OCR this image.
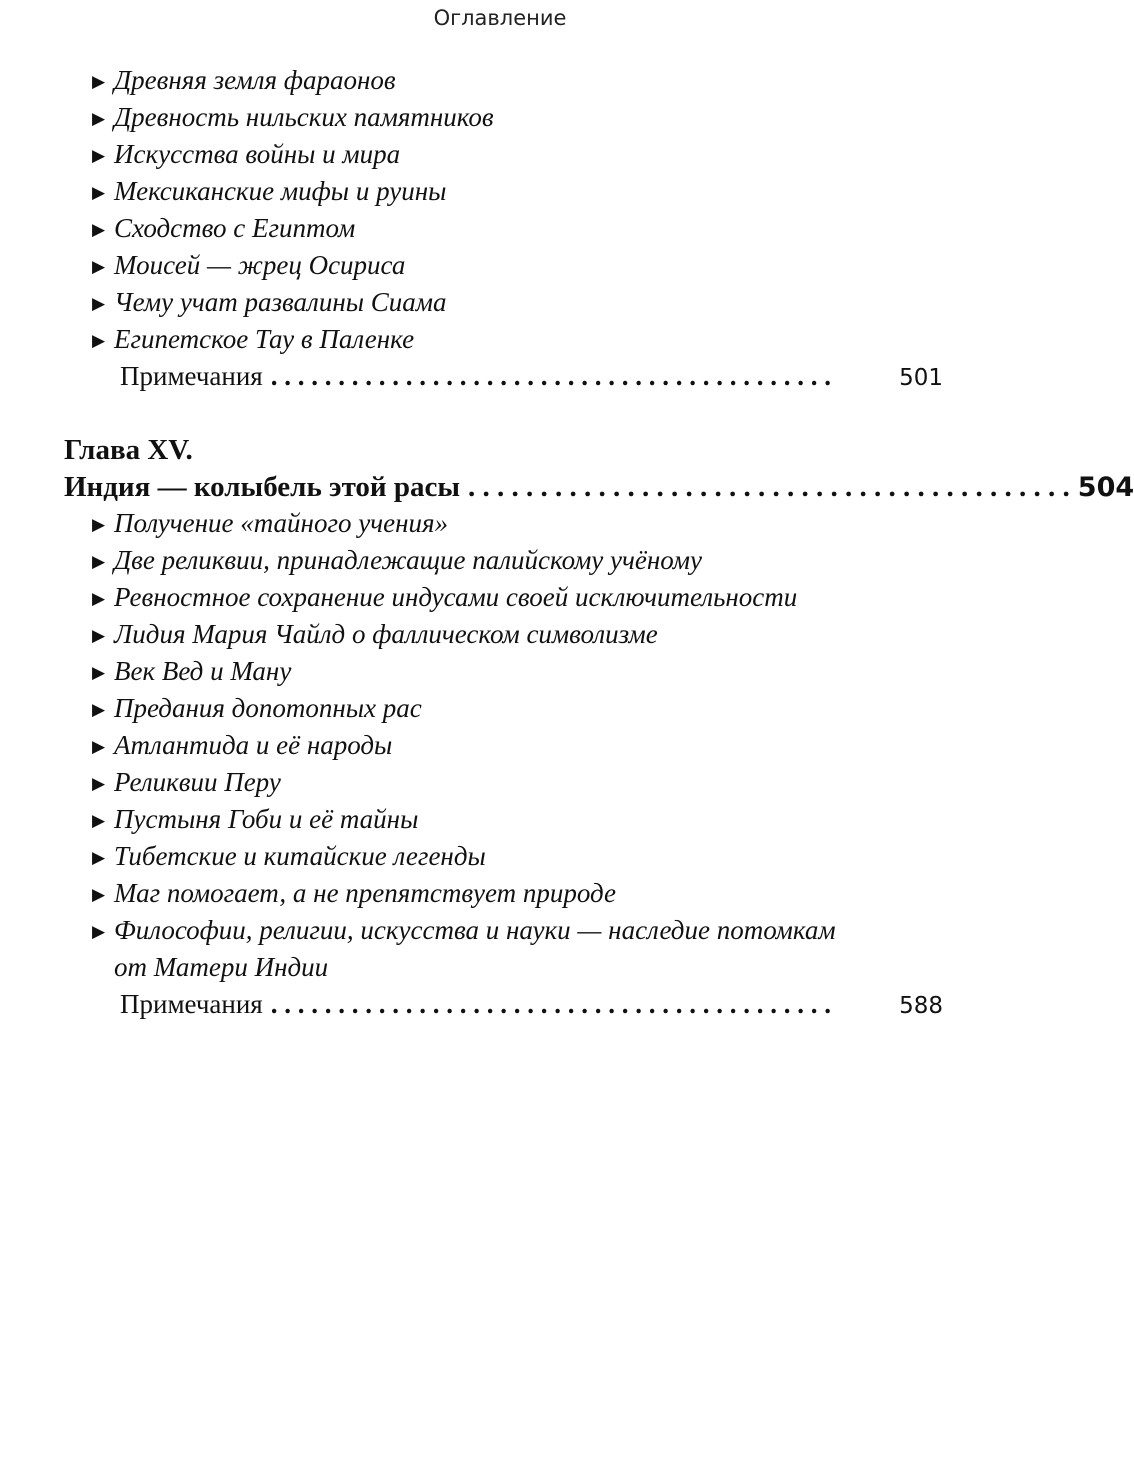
Оглавление
▶ Древняя земля фараонов
▶ Древность нильских памятников
▶ Искусства войны и мира
▶ Мексиканские мифы и руины
▶ Сходство с Египтом
▶ Моисей — жрец Осириса
▶ Чему учат развалины Сиама
▶ Египетское Тау в Паленке
Примечания . . . . . . . . . . . . . . . . . . . . . . . . . . . . . . . . . . . . . . . . . .	501
Глава XV.
Индия — колыбель этой расы . . . . . . . . . . . . . . . . . . . . . . . . . . . . . . . . . . . . . . . . . . 504
▶ Получение «тайного учения»
▶ Две реликвии, принадлежащие палийскому учёному
▶ Ревностное сохранение индусами своей исключительности
▶ Лидия Мария Чайлд о фаллическом символизме
▶ Век Вед и Ману
▶ Предания допотопных рас
▶ Атлантида и её народы
▶ Реликвии Перу
▶ Пустыня Гоби и её тайны
▶ Тибетские и китайские легенды
▶ Маг помогает, а не препятствует природе
▶ Философии, религии, искусства и науки — наследие потомкам
от Матери Индии
Примечания . . . . . . . . . . . . . . . . . . . . . . . . . . . . . . . . . . . . . . . . . .	588
